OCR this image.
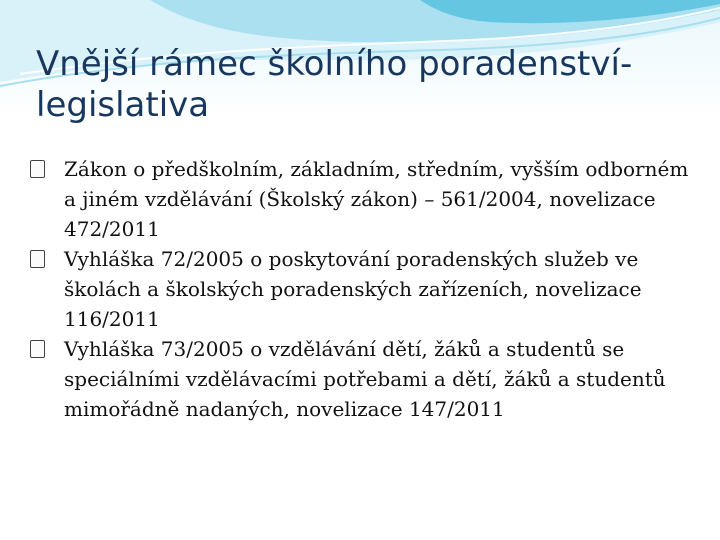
Vnější rámec školního poradenství- legislativa
Zákon o předškolním, základním, středním, vyšším odborném a jiném vzdělávání (Školský zákon) – 561/2004, novelizace 472/2011
Vyhláška 72/2005 o poskytování poradenských služeb ve školách a školských poradenských zařízeních, novelizace 116/2011
Vyhláška 73/2005 o vzdělávání dětí, žáků a studentů se speciálními vzdělávacími potřebami a dětí, žáků a studentů mimořádně nadaných, novelizace 147/2011
